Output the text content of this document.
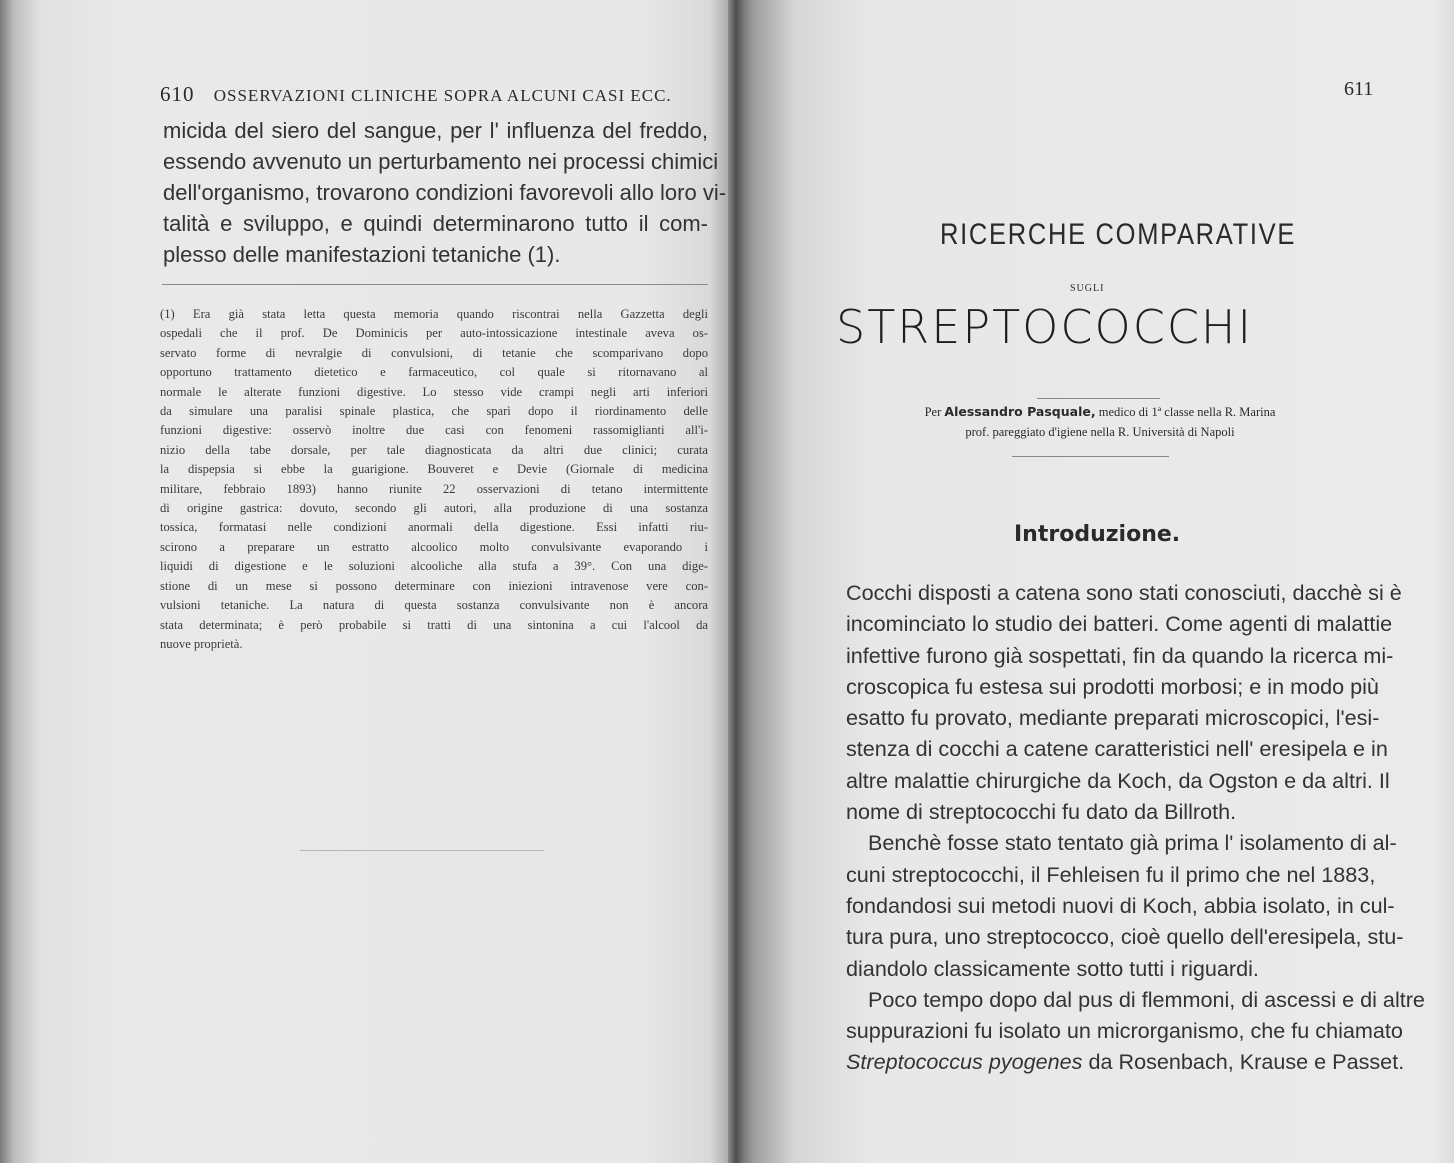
610 OSSERVAZIONI CLINICHE SOPRA ALCUNI CASI ECC.
micida del siero del sangue, per l' influenza del freddo,
essendo avvenuto un perturbamento nei processi chimici
dell'organismo, trovarono condizioni favorevoli allo loro vi-
talità e sviluppo, e quindi determinarono tutto il com-
plesso delle manifestazioni tetaniche (1).
(1) Era già stata letta questa memoria quando riscontrai nella Gazzetta degli
ospedali che il prof. De Dominicis per auto-intossicazione intestinale aveva os-
servato forme di nevralgie di convulsioni, di tetanie che scomparivano dopo
opportuno trattamento dietetico e farmaceutico, col quale si ritornavano al
normale le alterate funzioni digestive. Lo stesso vide crampi negli arti inferiori
da simulare una paralisi spinale plastica, che sparì dopo il riordinamento delle
funzioni digestive: osservò inoltre due casi con fenomeni rassomiglianti all'i-
nizio della tabe dorsale, per tale diagnosticata da altri due clinici; curata
la dispepsia si ebbe la guarigione. Bouveret e Devie (Giornale di medicina
militare, febbraio 1893) hanno riunite 22 osservazioni di tetano intermittente
di origine gastrica: dovuto, secondo gli autori, alla produzione di una sostanza
tossica, formatasi nelle condizioni anormali della digestione. Essi infatti riu-
scirono a preparare un estratto alcoolico molto convulsivante evaporando i
liquidi di digestione e le soluzioni alcooliche alla stufa a 39°. Con una dige-
stione di un mese si possono determinare con iniezioni intravenose vere con-
vulsioni tetaniche. La natura di questa sostanza convulsivante non è ancora
stata determinata; è però probabile si tratti di una sintonina a cui l'alcool da
nuove proprietà.
611
RICERCHE COMPARATIVE
SUGLI
STREPTOCOCCHI
Per Alessandro Pasquale, medico di 1ª classe nella R. Marina
prof. pareggiato d'igiene nella R. Università di Napoli
Introduzione.
Cocchi disposti a catena sono stati conosciuti, dacchè si è
incominciato lo studio dei batteri. Come agenti di malattie
infettive furono già sospettati, fin da quando la ricerca mi-
croscopica fu estesa sui prodotti morbosi; e in modo più
esatto fu provato, mediante preparati microscopici, l'esi-
stenza di cocchi a catene caratteristici nell' eresipela e in
altre malattie chirurgiche da Koch, da Ogston e da altri. Il
nome di streptococchi fu dato da Billroth.
Benchè fosse stato tentato già prima l' isolamento di al-
cuni streptococchi, il Fehleisen fu il primo che nel 1883,
fondandosi sui metodi nuovi di Koch, abbia isolato, in cul-
tura pura, uno streptococco, cioè quello dell'eresipela, stu-
diandolo classicamente sotto tutti i riguardi.
Poco tempo dopo dal pus di flemmoni, di ascessi e di altre
suppurazioni fu isolato un microrganismo, che fu chiamato
Streptococcus pyogenes da Rosenbach, Krause e Passet.
